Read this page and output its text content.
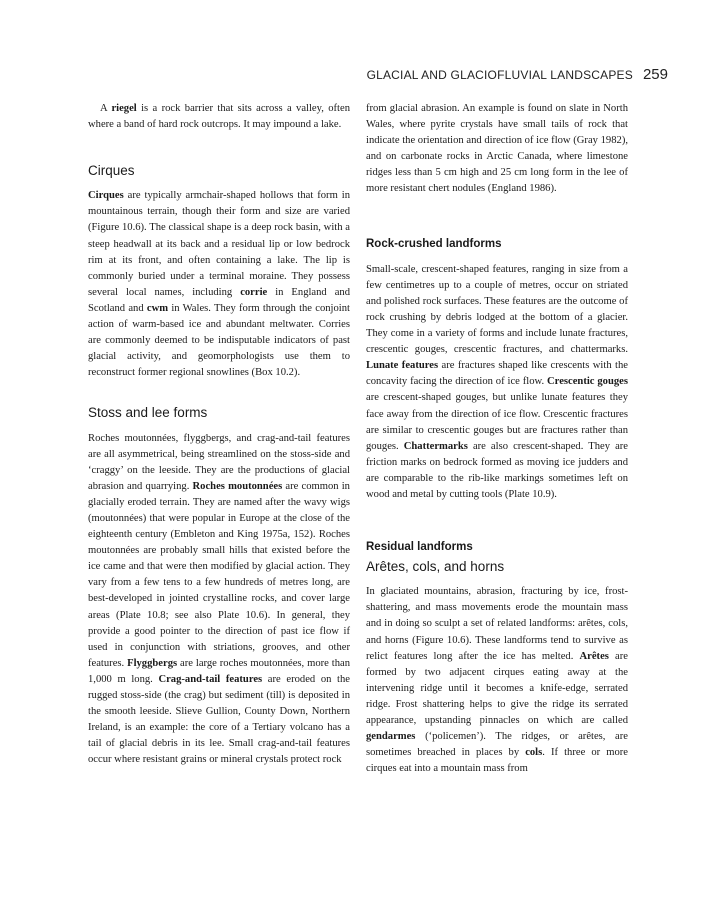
GLACIAL AND GLACIOFLUVIAL LANDSCAPES 259

A riegel is a rock barrier that sits across a valley, often where a band of hard rock outcrops. It may impound a lake.

Cirques

Cirques are typically armchair-shaped hollows that form in mountainous terrain, though their form and size are varied (Figure 10.6). The classical shape is a deep rock basin, with a steep headwall at its back and a residual lip or low bedrock rim at its front, and often containing a lake. The lip is commonly buried under a terminal moraine. They possess several local names, including corrie in England and Scotland and cwm in Wales. They form through the conjoint action of warm-based ice and abundant meltwater. Corries are commonly deemed to be indisputable indicators of past glacial activity, and geomorphologists use them to reconstruct former regional snowlines (Box 10.2).

Stoss and lee forms

Roches moutonnées, flyggbergs, and crag-and-tail features are all asymmetrical, being streamlined on the stoss-side and ‘craggy’ on the leeside. They are the productions of glacial abrasion and quarrying. Roches moutonnées are common in glacially eroded terrain. They are named after the wavy wigs (moutonnées) that were popular in Europe at the close of the eighteenth century (Embleton and King 1975a, 152). Roches moutonnées are probably small hills that existed before the ice came and that were then modified by glacial action. They vary from a few tens to a few hundreds of metres long, are best-developed in jointed crystalline rocks, and cover large areas (Plate 10.8; see also Plate 10.6). In general, they provide a good pointer to the direction of past ice flow if used in conjunction with striations, grooves, and other features. Flyggbergs are large roches moutonnées, more than 1,000 m long. Crag-and-tail features are eroded on the rugged stoss-side (the crag) but sediment (till) is deposited in the smooth leeside. Slieve Gullion, County Down, Northern Ireland, is an example: the core of a Tertiary volcano has a tail of glacial debris in its lee. Small crag-and-tail features occur where resistant grains or mineral crystals protect rock

from glacial abrasion. An example is found on slate in North Wales, where pyrite crystals have small tails of rock that indicate the orientation and direction of ice flow (Gray 1982), and on carbonate rocks in Arctic Canada, where limestone ridges less than 5 cm high and 25 cm long form in the lee of more resistant chert nodules (England 1986).

Rock-crushed landforms

Small-scale, crescent-shaped features, ranging in size from a few centimetres up to a couple of metres, occur on striated and polished rock surfaces. These features are the outcome of rock crushing by debris lodged at the bottom of a glacier. They come in a variety of forms and include lunate fractures, crescentic gouges, crescentic fractures, and chattermarks. Lunate features are fractures shaped like crescents with the concavity facing the direction of ice flow. Crescentic gouges are crescent-shaped gouges, but unlike lunate features they face away from the direction of ice flow. Crescentic fractures are similar to crescentic gouges but are fractures rather than gouges. Chattermarks are also crescent-shaped. They are friction marks on bedrock formed as moving ice judders and are comparable to the rib-like markings sometimes left on wood and metal by cutting tools (Plate 10.9).

Residual landforms
Arêtes, cols, and horns

In glaciated mountains, abrasion, fracturing by ice, frost-shattering, and mass movements erode the mountain mass and in doing so sculpt a set of related landforms: arêtes, cols, and horns (Figure 10.6). These landforms tend to survive as relict features long after the ice has melted. Arêtes are formed by two adjacent cirques eating away at the intervening ridge until it becomes a knife-edge, serrated ridge. Frost shattering helps to give the ridge its serrated appearance, upstanding pinnacles on which are called gendarmes (‘policemen’). The ridges, or arêtes, are sometimes breached in places by cols. If three or more cirques eat into a mountain mass from
